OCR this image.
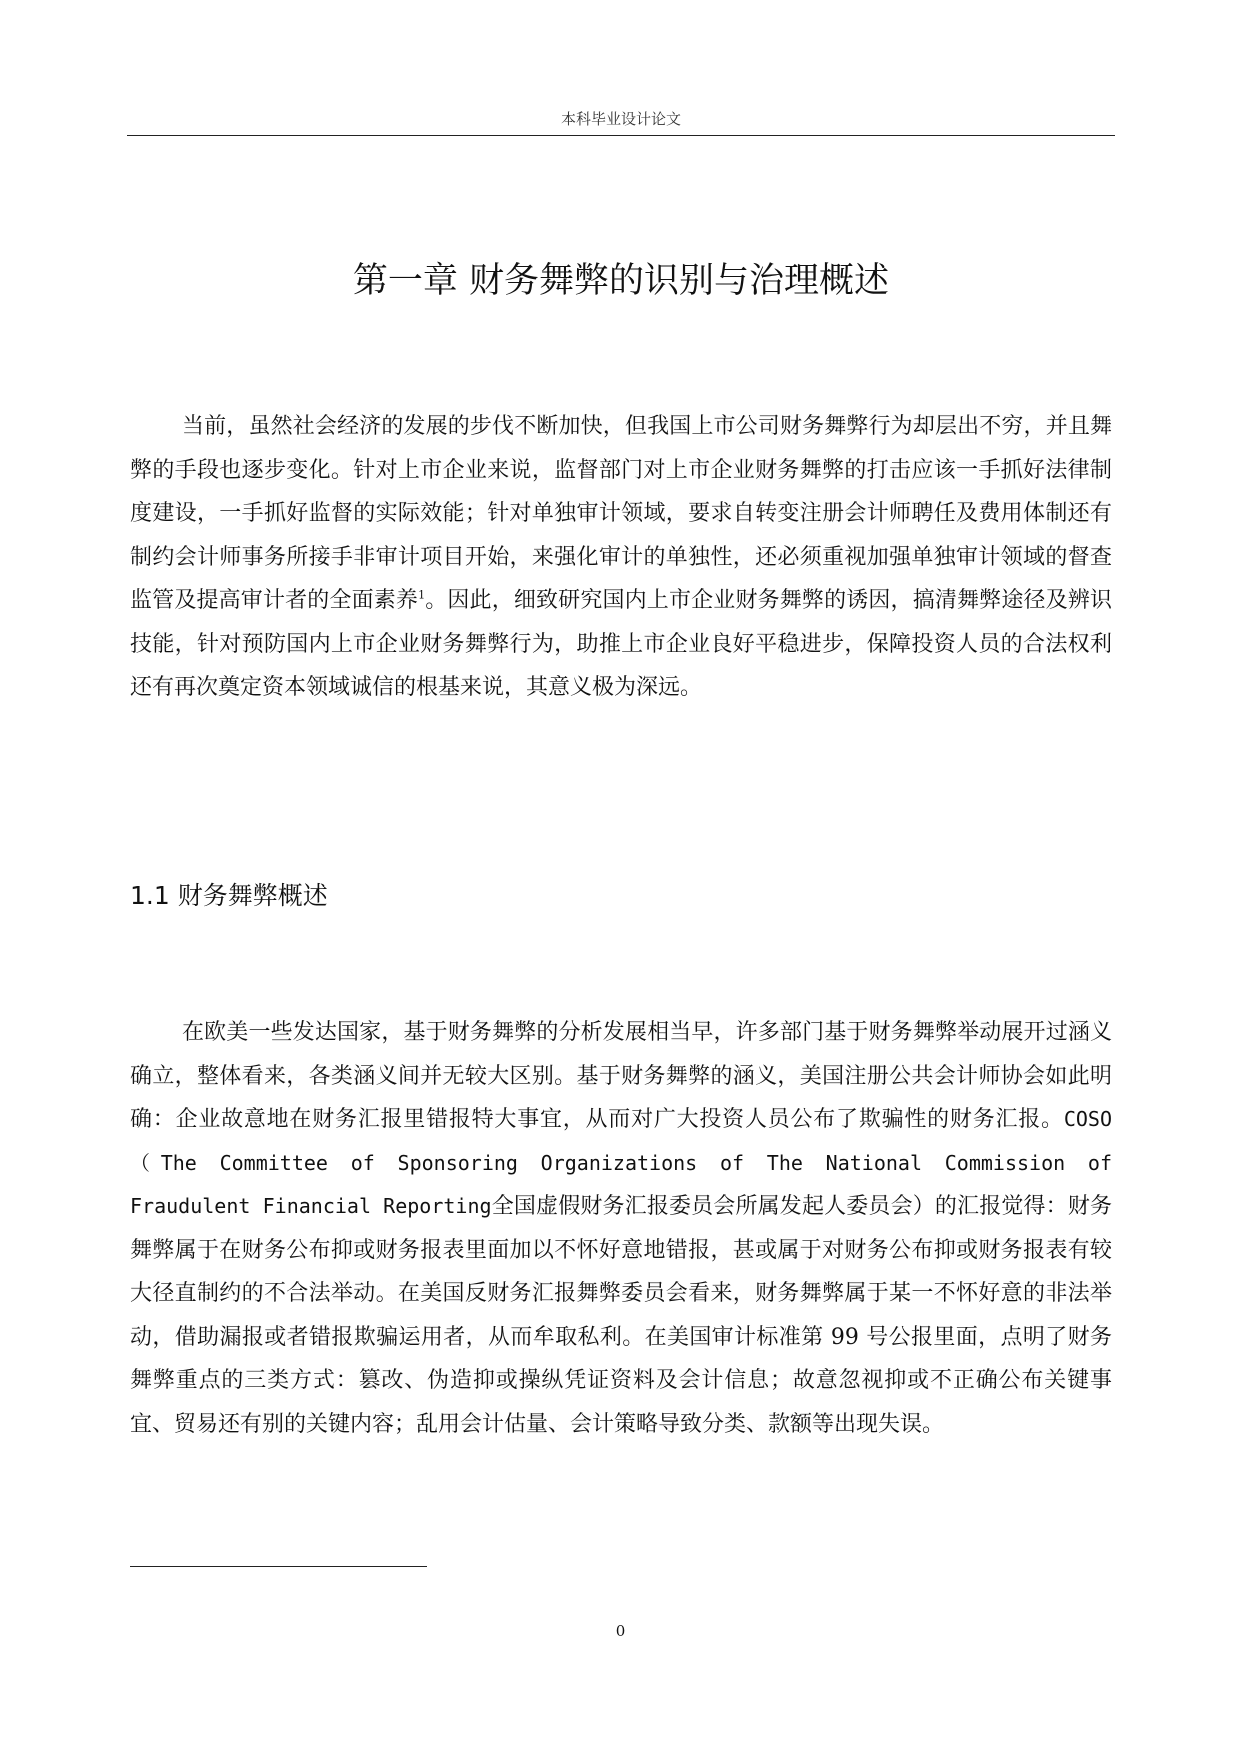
本科毕业设计论文
第一章 财务舞弊的识别与治理概述

当前，虽然社会经济的发展的步伐不断加快，但我国上市公司财务舞弊行为却层出不穷，并且舞弊的手段也逐步变化。针对上市企业来说，监督部门对上市企业财务舞弊的打击应该一手抓好法律制度建设，一手抓好监督的实际效能；针对单独审计领域，要求自转变注册会计师聘任及费用体制还有制约会计师事务所接手非审计项目开始，来强化审计的单独性，还必须重视加强单独审计领域的督查监管及提高审计者的全面素养$^1$。因此，细致研究国内上市企业财务舞弊的诱因，搞清舞弊途径及辨识技能，针对预防国内上市企业财务舞弊行为，助推上市企业良好平稳进步，保障投资人员的合法权利还有再次奠定资本领域诚信的根基来说，其意义极为深远。

1.1 财务舞弊概述

在欧美一些发达国家，基于财务舞弊的分析发展相当早，许多部门基于财务舞弊举动展开过涵义确立，整体看来，各类涵义间并无较大区别。基于财务舞弊的涵义，美国注册公共会计师协会如此明确：企业故意地在财务汇报里错报特大事宜，从而对广大投资人员公布了欺骗性的财务汇报。COSO（The Committee of Sponsoring Organizations of The National Commission of Fraudulent Financial Reporting全国虚假财务汇报委员会所属发起人委员会）的汇报觉得：财务舞弊属于在财务公布抑或财务报表里面加以不怀好意地错报，甚或属于对财务公布抑或财务报表有较大径直制约的不合法举动。在美国反财务汇报舞弊委员会看来，财务舞弊属于某一不怀好意的非法举动，借助漏报或者错报欺骗运用者，从而牟取私利。在美国审计标准第 99 号公报里面，点明了财务舞弊重点的三类方式：篡改、伪造抑或操纵凭证资料及会计信息；故意忽视抑或不正确公布关键事宜、贸易还有别的关键内容；乱用会计估量、会计策略导致分类、款额等出现失误。

0
